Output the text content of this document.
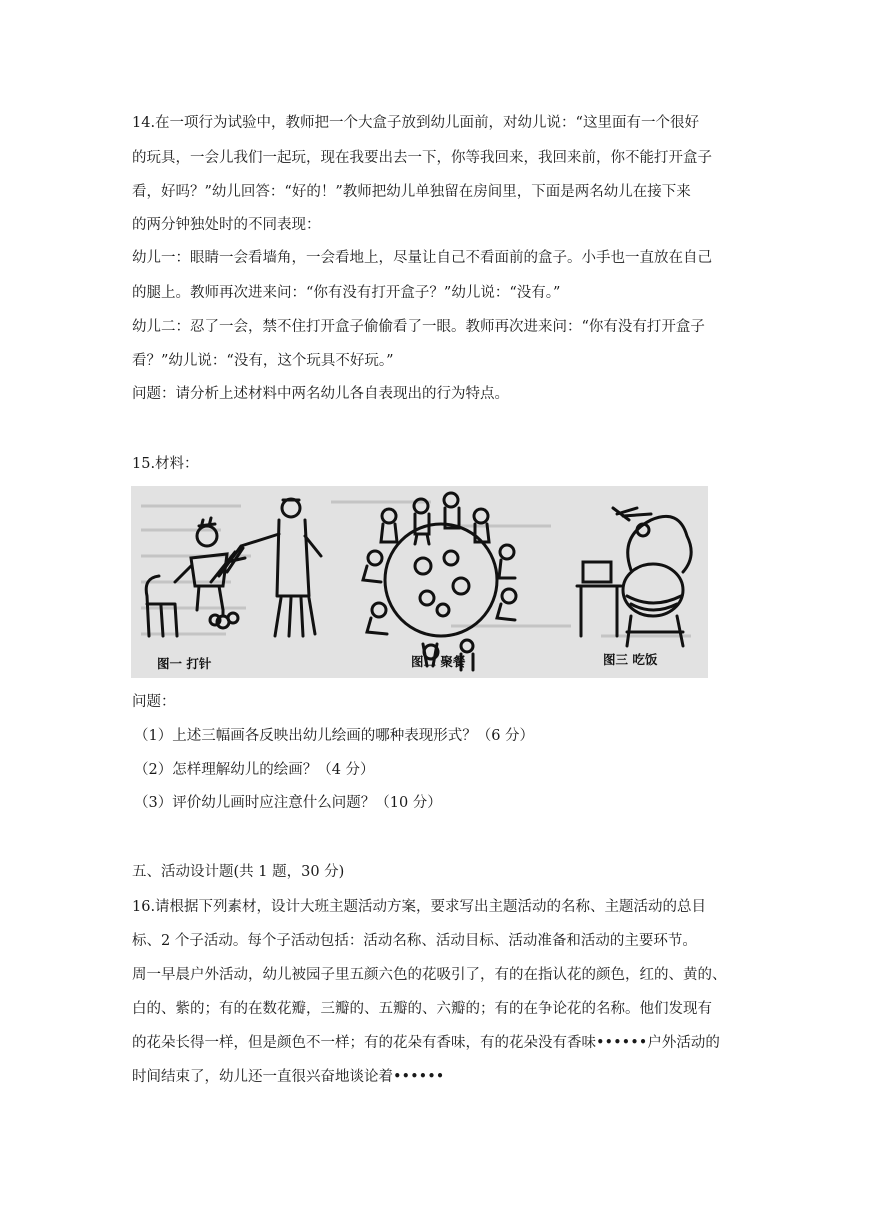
14.在一项行为试验中，教师把一个大盒子放到幼儿面前，对幼儿说：“这里面有一个很好
的玩具，一会儿我们一起玩，现在我要出去一下，你等我回来，我回来前，你不能打开盒子
看，好吗？”幼儿回答：“好的！”教师把幼儿单独留在房间里，下面是两名幼儿在接下来
的两分钟独处时的不同表现：
幼儿一：眼睛一会看墙角，一会看地上，尽量让自己不看面前的盒子。小手也一直放在自己
的腿上。教师再次进来问：“你有没有打开盒子？”幼儿说：“没有。”
幼儿二：忍了一会，禁不住打开盒子偷偷看了一眼。教师再次进来问：“你有没有打开盒子
看？”幼儿说：“没有，这个玩具不好玩。”
问题：请分析上述材料中两名幼儿各自表现出的行为特点。
15.材料：
图一 打针	图二 聚餐	图三 吃饭
问题：
（1）上述三幅画各反映出幼儿绘画的哪种表现形式？（6 分）
（2）怎样理解幼儿的绘画？（4 分）
（3）评价幼儿画时应注意什么问题？（10 分）
五、活动设计题(共 1 题，30 分)
16.请根据下列素材，设计大班主题活动方案，要求写出主题活动的名称、主题活动的总目
标、2 个子活动。每个子活动包括：活动名称、活动目标、活动准备和活动的主要环节。
周一早晨户外活动，幼儿被园子里五颜六色的花吸引了，有的在指认花的颜色，红的、黄的、
白的、紫的；有的在数花瓣，三瓣的、五瓣的、六瓣的；有的在争论花的名称。他们发现有
的花朵长得一样，但是颜色不一样；有的花朵有香味，有的花朵没有香味••••••户外活动的
时间结束了，幼儿还一直很兴奋地谈论着••••••
